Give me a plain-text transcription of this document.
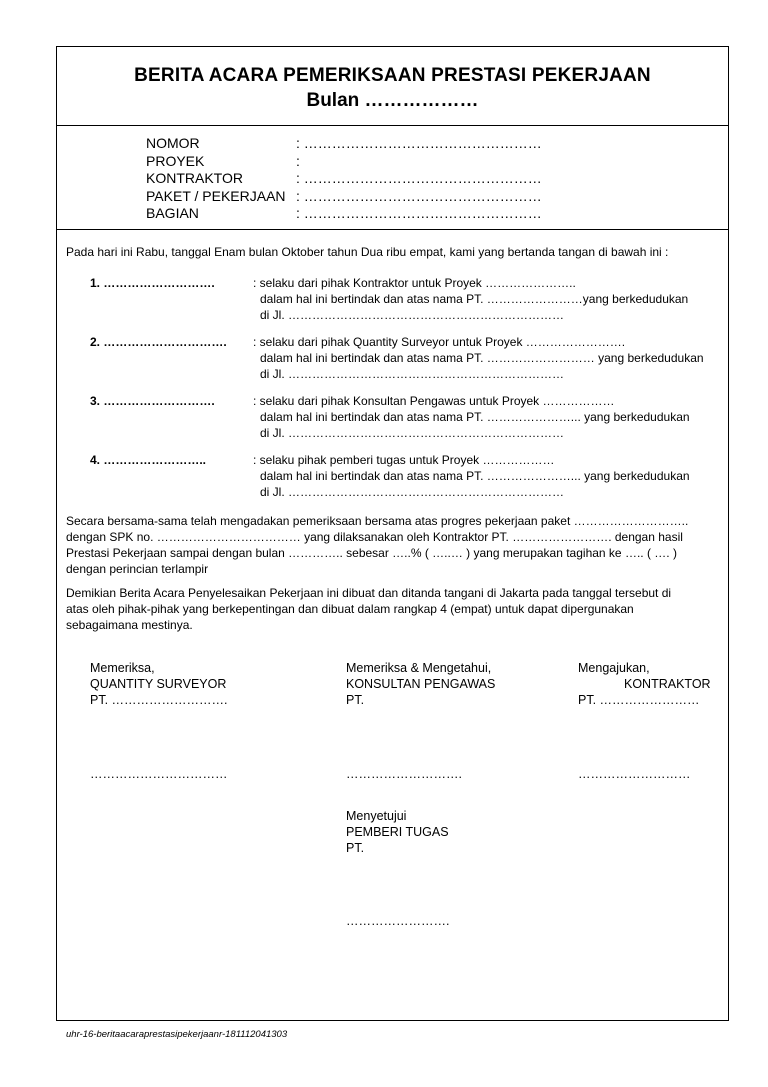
BERITA ACARA PEMERIKSAAN PRESTASI PEKERJAAN
Bulan ………………
NOMOR	: ……………………………………………
PROYEK	:
KONTRAKTOR	: ……………………………………………
PAKET / PEKERJAAN : ……………………………………………
BAGIAN	: ……………………………………………
Pada hari ini Rabu, tanggal Enam bulan Oktober tahun Dua ribu empat, kami yang bertanda tangan di bawah ini :
1. ……………………….	: selaku dari pihak Kontraktor untuk Proyek …………………..
dalam hal ini bertindak dan atas nama PT. ……………………yang berkedudukan
di Jl. ……………………………………………………………
2. …………………………. : selaku dari pihak Quantity Surveyor untuk Proyek …………………….
dalam hal ini bertindak dan atas nama PT. ……………………… yang berkedudukan
di Jl. ……………………………………………………………
3. ……………………….	: selaku dari pihak Konsultan Pengawas untuk Proyek ………………
dalam hal ini bertindak dan atas nama PT. …………………... yang berkedudukan
di Jl. ……………………………………………………………
4. ……………………..	: selaku pihak pemberi tugas untuk Proyek ………………
dalam hal ini bertindak dan atas nama PT. …………………... yang berkedudukan
di Jl. ……………………………………………………………
Secara bersama-sama telah mengadakan pemeriksaan bersama atas progres pekerjaan paket ………………………..
dengan SPK no. ……………………………… yang dilaksanakan oleh Kontraktor PT. ……………………. dengan hasil
Prestasi Pekerjaan sampai dengan bulan ………….. sebesar …..% ( …..… ) yang merupakan tagihan ke ….. ( …. )
dengan perincian terlampir
Demikian Berita Acara Penyelesaikan Pekerjaan ini dibuat dan ditanda tangani di Jakarta pada tanggal tersebut di
atas oleh pihak-pihak yang berkepentingan dan dibuat dalam rangkap 4 (empat) untuk dapat dipergunakan
sebagaimana mestinya.
Memeriksa,
QUANTITY SURVEYOR
PT. ……………………….
Memeriksa & Mengetahui,
KONSULTAN PENGAWAS
PT.
Mengajukan,
KONTRAKTOR
PT. ……………………
……………………………	……………………….	………………………
Menyetujui
PEMBERI TUGAS
PT.
…………………….
uhr-16-beritaacaraprestasipekerjaanr-181112041303
